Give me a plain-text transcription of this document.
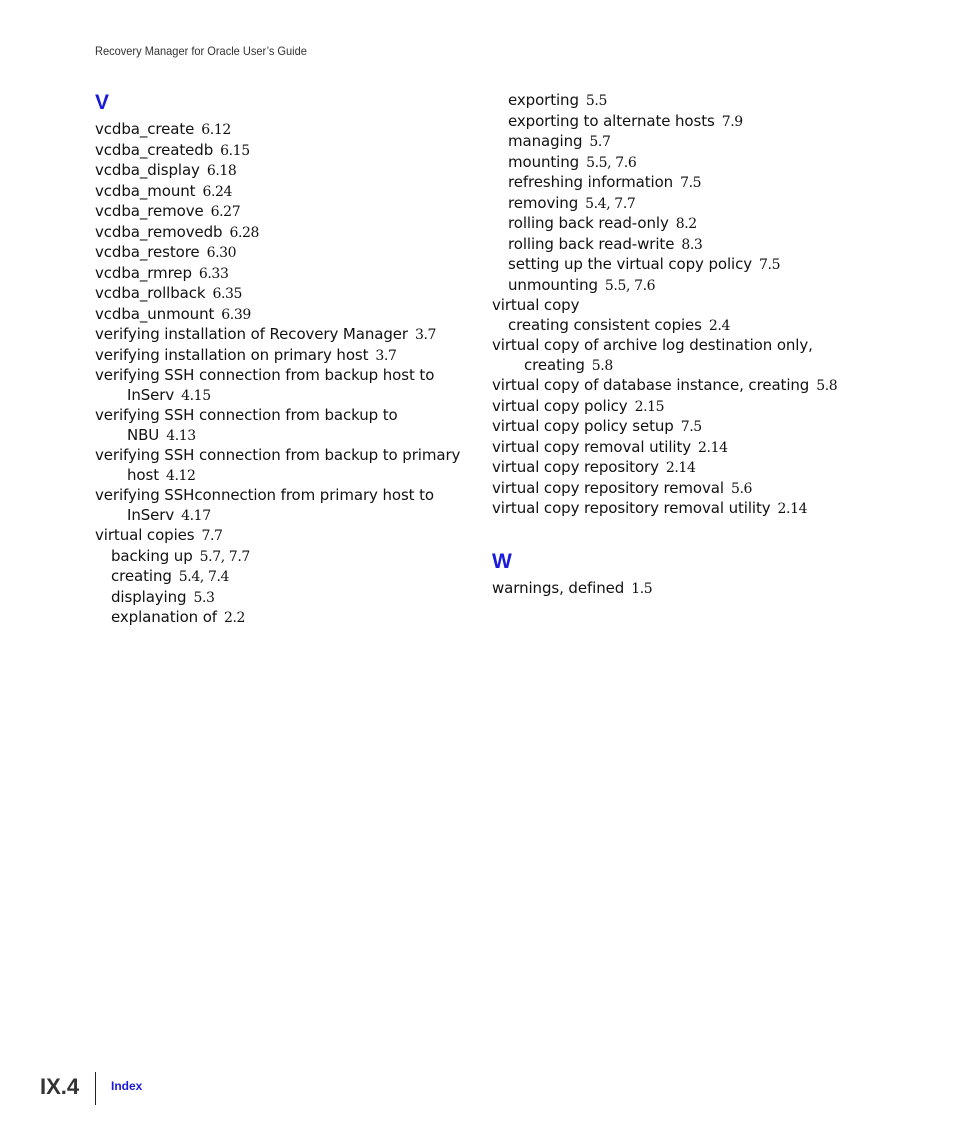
Recovery Manager for Oracle User’s Guide
V
vcdba_create 6.12
vcdba_createdb 6.15
vcdba_display 6.18
vcdba_mount 6.24
vcdba_remove 6.27
vcdba_removedb 6.28
vcdba_restore 6.30
vcdba_rmrep 6.33
vcdba_rollback 6.35
vcdba_unmount 6.39
verifying installation of Recovery Manager 3.7
verifying installation on primary host 3.7
verifying SSH connection from backup host to
InServ 4.15
verifying SSH connection from backup to
NBU 4.13
verifying SSH connection from backup to primary
host 4.12
verifying SSHconnection from primary host to
InServ 4.17
virtual copies 7.7
backing up 5.7, 7.7
creating 5.4, 7.4
displaying 5.3
explanation of 2.2
exporting 5.5
exporting to alternate hosts 7.9
managing 5.7
mounting 5.5, 7.6
refreshing information 7.5
removing 5.4, 7.7
rolling back read-only 8.2
rolling back read-write 8.3
setting up the virtual copy policy 7.5
unmounting 5.5, 7.6
virtual copy
creating consistent copies 2.4
virtual copy of archive log destination only,
creating 5.8
virtual copy of database instance, creating 5.8
virtual copy policy 2.15
virtual copy policy setup 7.5
virtual copy removal utility 2.14
virtual copy repository 2.14
virtual copy repository removal 5.6
virtual copy repository removal utility 2.14
W
warnings, defined 1.5
IX.4	Index
